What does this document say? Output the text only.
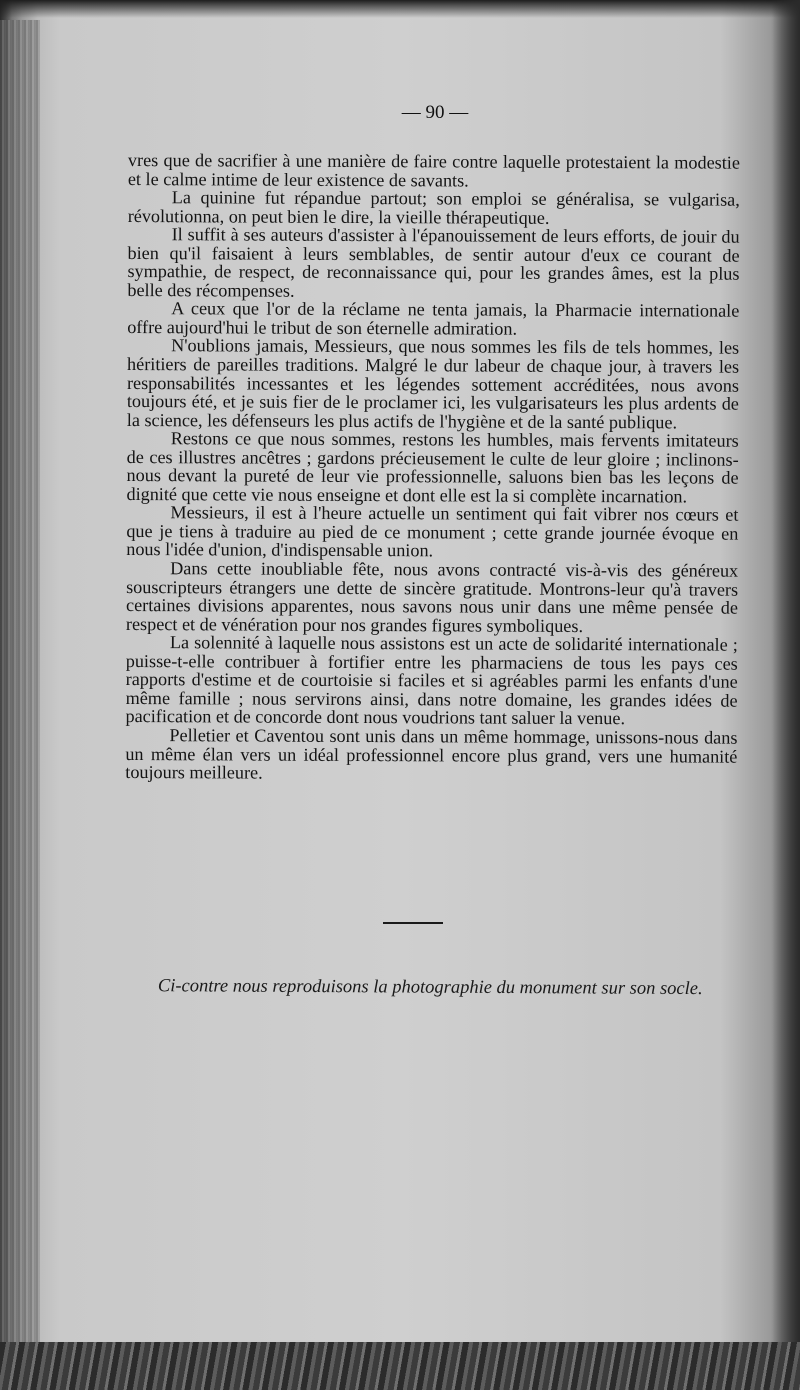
— 90 —

vres que de sacrifier à une manière de faire contre laquelle protestaient la modestie et le calme intime de leur existence de savants.

La quinine fut répandue partout; son emploi se généralisa, se vulgarisa, révolutionna, on peut bien le dire, la vieille thérapeutique.

Il suffit à ses auteurs d'assister à l'épanouissement de leurs efforts, de jouir du bien qu'il faisaient à leurs semblables, de sentir autour d'eux ce courant de sympathie, de respect, de reconnaissance qui, pour les grandes âmes, est la plus belle des récompenses.

A ceux que l'or de la réclame ne tenta jamais, la Pharmacie internationale offre aujourd'hui le tribut de son éternelle admiration.

N'oublions jamais, Messieurs, que nous sommes les fils de tels hommes, les héritiers de pareilles traditions. Malgré le dur labeur de chaque jour, à travers les responsabilités incessantes et les légendes sottement accréditées, nous avons toujours été, et je suis fier de le proclamer ici, les vulgarisateurs les plus ardents de la science, les défenseurs les plus actifs de l'hygiène et de la santé publique.

Restons ce que nous sommes, restons les humbles, mais fervents imitateurs de ces illustres ancêtres ; gardons précieusement le culte de leur gloire ; inclinons-nous devant la pureté de leur vie professionnelle, saluons bien bas les leçons de dignité que cette vie nous enseigne et dont elle est la si complète incarnation.

Messieurs, il est à l'heure actuelle un sentiment qui fait vibrer nos cœurs et que je tiens à traduire au pied de ce monument ; cette grande journée évoque en nous l'idée d'union, d'indispensable union.

Dans cette inoubliable fête, nous avons contracté vis-à-vis des généreux souscripteurs étrangers une dette de sincère gratitude. Montrons-leur qu'à travers certaines divisions apparentes, nous savons nous unir dans une même pensée de respect et de vénération pour nos grandes figures symboliques.

La solennité à laquelle nous assistons est un acte de solidarité internationale ; puisse-t-elle contribuer à fortifier entre les pharmaciens de tous les pays ces rapports d'estime et de courtoisie si faciles et si agréables parmi les enfants d'une même famille ; nous servirons ainsi, dans notre domaine, les grandes idées de pacification et de concorde dont nous voudrions tant saluer la venue.

Pelletier et Caventou sont unis dans un même hommage, unissons-nous dans un même élan vers un idéal professionnel encore plus grand, vers une humanité toujours meilleure.

Ci-contre nous reproduisons la photographie du monument sur son socle.
